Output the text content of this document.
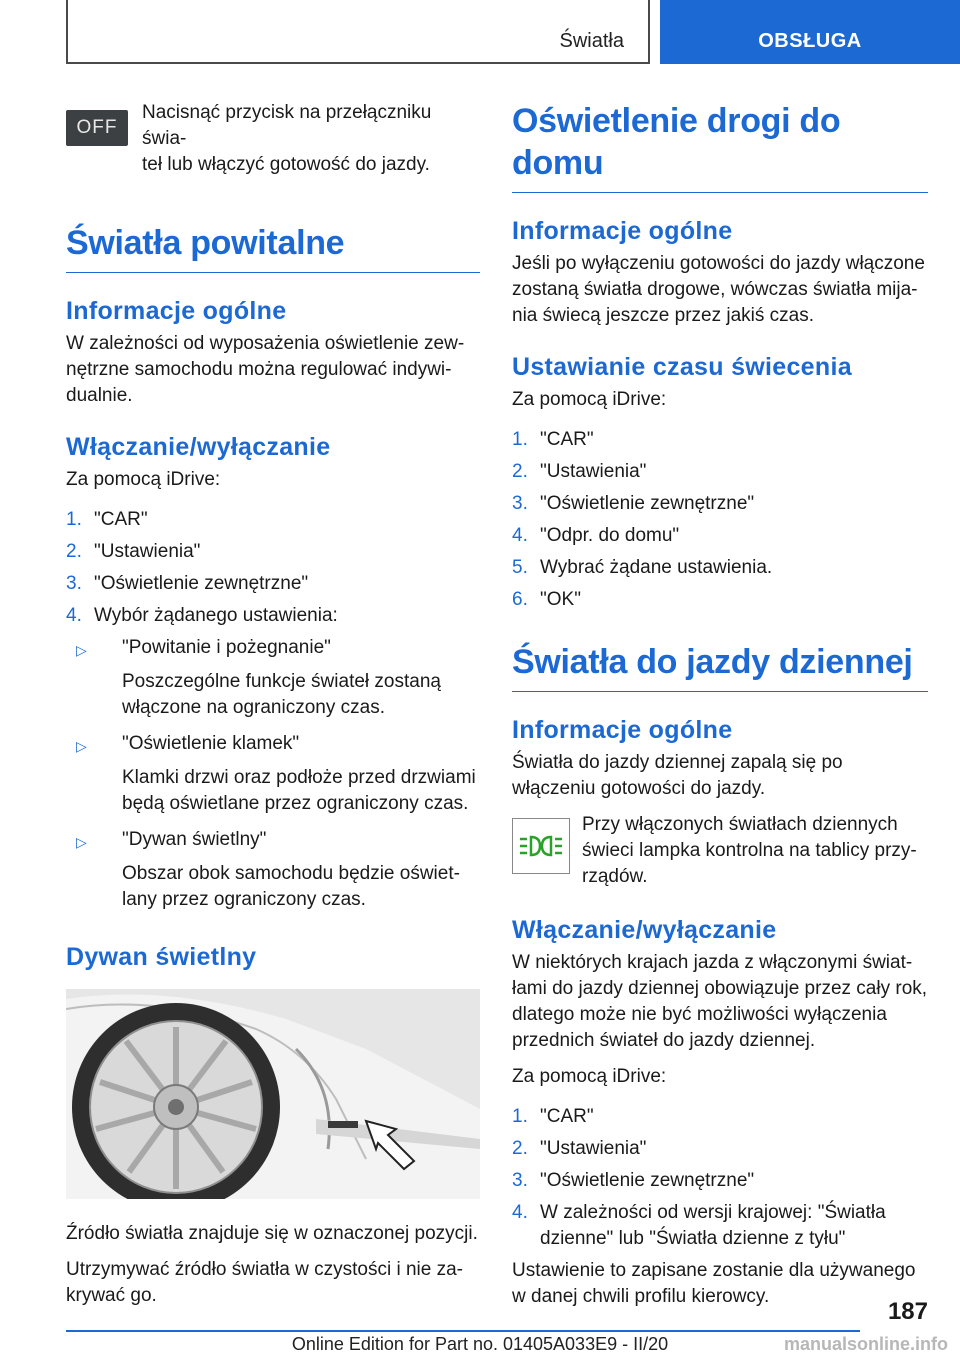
Światła	OBSŁUGA
OFF

Nacisnąć przycisk na przełączniku świa-

teł lub włączyć gotowość do jazdy.

Światła powitalne
Informacje ogólne

W zależności od wyposażenia oświetlenie zewnętrzne samochodu można regulować indywidualnie.

Włączanie/wyłączanie

Za pomocą iDrive:

1. "CAR"
2. "Ustawienia"
3. "Oświetlenie zewnętrzne"
4. Wybór żądanego ustawienia:
▷ "Powitanie i pożegnanie"
Poszczególne funkcje świateł zostaną włączone na ograniczony czas.
▷ "Oświetlenie klamek"
Klamki drzwi oraz podłoże przed drzwiami będą oświetlane przez ograniczony czas.
▷ "Dywan świetlny"
Obszar obok samochodu będzie oświetlany przez ograniczony czas.
Dywan świetlny

Źródło światła znajduje się w oznaczonej pozycji.

Utrzymywać źródło światła w czystości i nie zakrywać go.

Oświetlenie drogi do domu
Informacje ogólne

Jeśli po wyłączeniu gotowości do jazdy włączone zostaną światła drogowe, wówczas światła mijania świecą jeszcze przez jakiś czas.

Ustawianie czasu świecenia

Za pomocą iDrive:

1. "CAR"
2. "Ustawienia"
3. "Oświetlenie zewnętrzne"
4. "Odpr. do domu"
5. Wybrać żądane ustawienia.
6. "OK"
Światła do jazdy dziennej
Informacje ogólne

Światła do jazdy dziennej zapalą się po włączeniu gotowości do jazdy.

Przy włączonych światłach dziennych świeci lampka kontrolna na tablicy przyrządów.

Włączanie/wyłączanie

W niektórych krajach jazda z włączonymi światłami do jazdy dziennej obowiązuje przez cały rok, dlatego może nie być możliwości wyłączenia przednich świateł do jazdy dziennej.

Za pomocą iDrive:

1. "CAR"
2. "Ustawienia"
3. "Oświetlenie zewnętrzne"
4. W zależności od wersji krajowej: "Światła dzienne" lub "Światła dzienne z tyłu"

Ustawienie to zapisane zostanie dla używanego w danej chwili profilu kierowcy.

187
Online Edition for Part no. 01405A033E9 - II/20	manualsonline.info
